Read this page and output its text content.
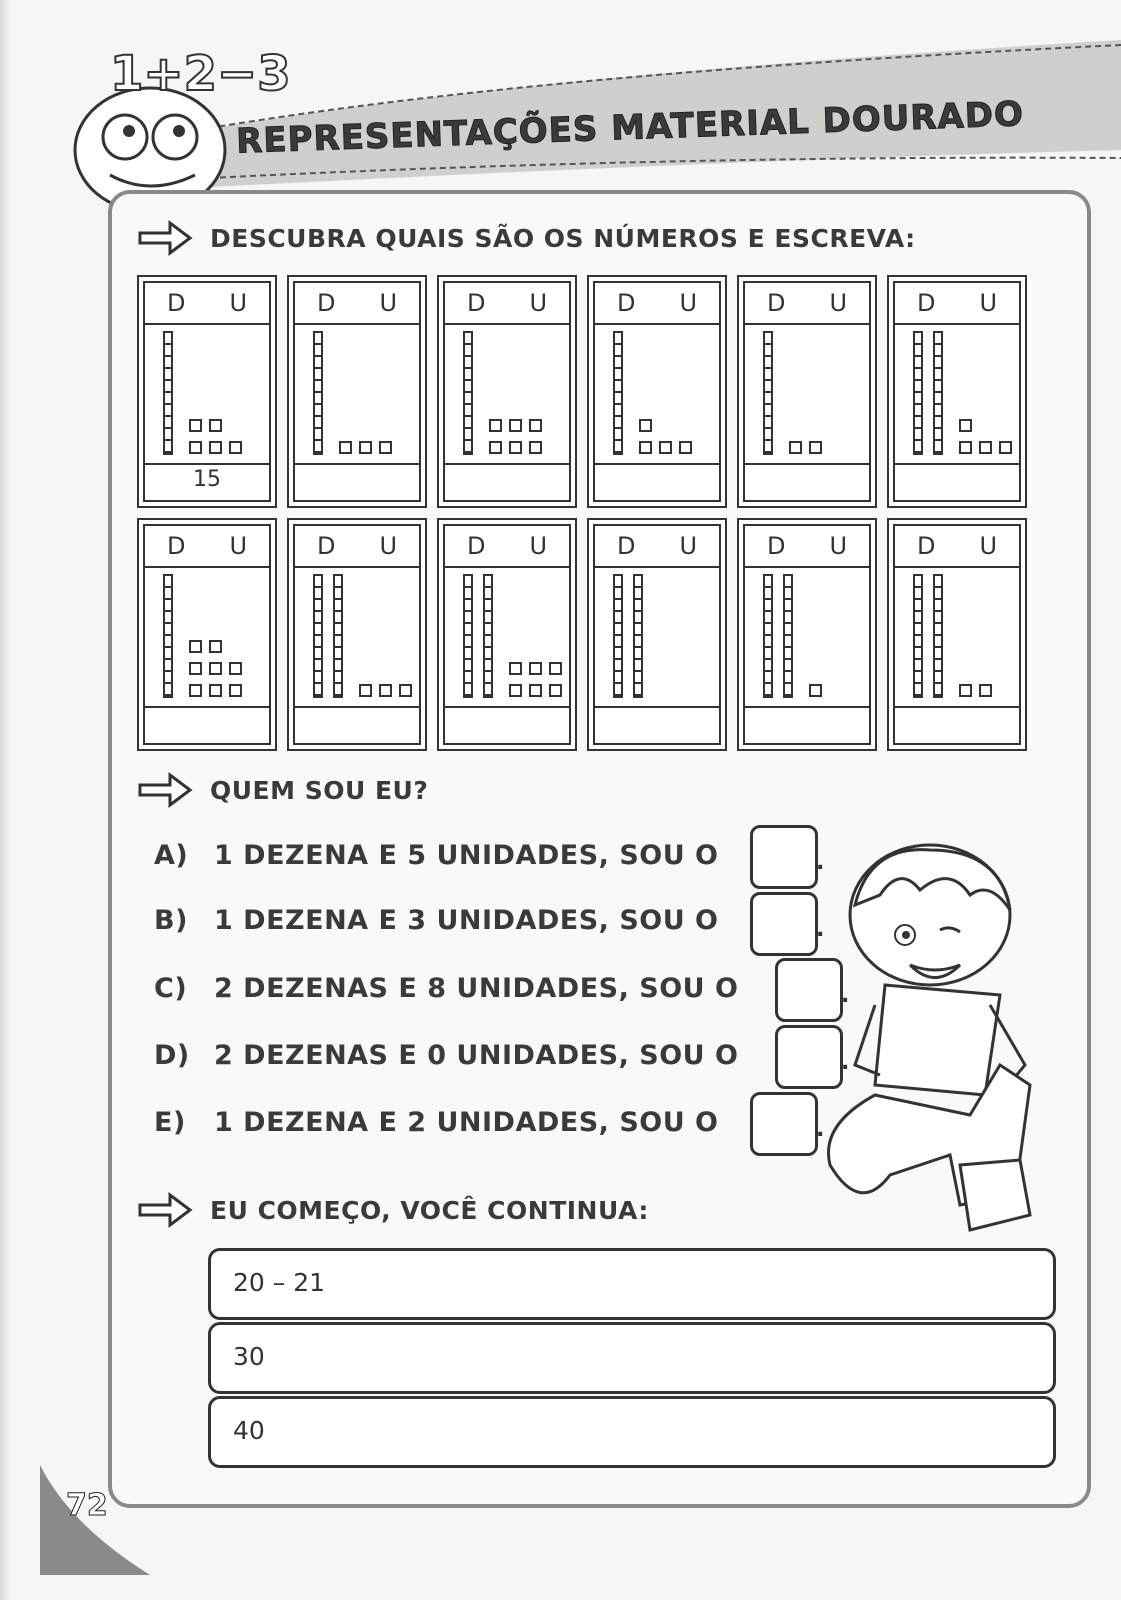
1+2−3
REPRESENTAÇÕES MATERIAL DOURADO
DESCUBRA QUAIS SÃO OS NÚMEROS E ESCREVA:
D U
15
D U	D U	D U	D U	D U
D U	D U	D U	D U	D U	D U
QUEM SOU EU?
A) 1 DEZENA E 5 UNIDADES, SOU O	.
B) 1 DEZENA E 3 UNIDADES, SOU O	.
C) 2 DEZENAS E 8 UNIDADES, SOU O	.
D) 2 DEZENAS E 0 UNIDADES, SOU O	.
E) 1 DEZENA E 2 UNIDADES, SOU O	.
EU COMEÇO, VOCÊ CONTINUA:
20 – 21
30
40
72
